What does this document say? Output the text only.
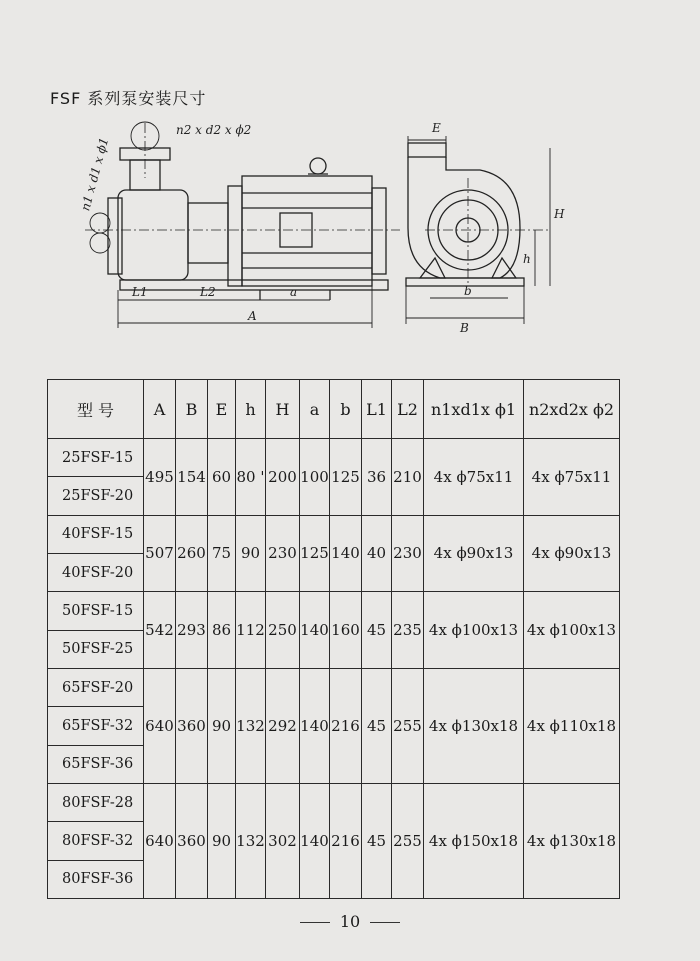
FSF 系列泵安装尺寸
n2 x d2 x ϕ2
n1 x d1 x ϕ1
L1	L2	a
A
E
H
h
b
B
型 号	A	B	E	h	H	a	b	L1	L2	n1xd1x ϕ1	n2xd2x ϕ2
25FSF-15	495	154	60	80 '	200	100	125	36	210	4x ϕ75x11	4x ϕ75x11
25FSF-20											
40FSF-15	507	260	75	90	230	125	140	40	230	4x ϕ90x13	4x ϕ90x13
40FSF-20											
50FSF-15	542	293	86	112	250	140	160	45	235	4x ϕ100x13	4x ϕ100x13
50FSF-25											
65FSF-20	640	360	90	132	292	140	216	45	255	4x ϕ130x18	4x ϕ110x18
65FSF-32											
65FSF-36											
80FSF-28	640	360	90	132	302	140	216	45	255	4x ϕ150x18	4x ϕ130x18
80FSF-32											
80FSF-36											
10
